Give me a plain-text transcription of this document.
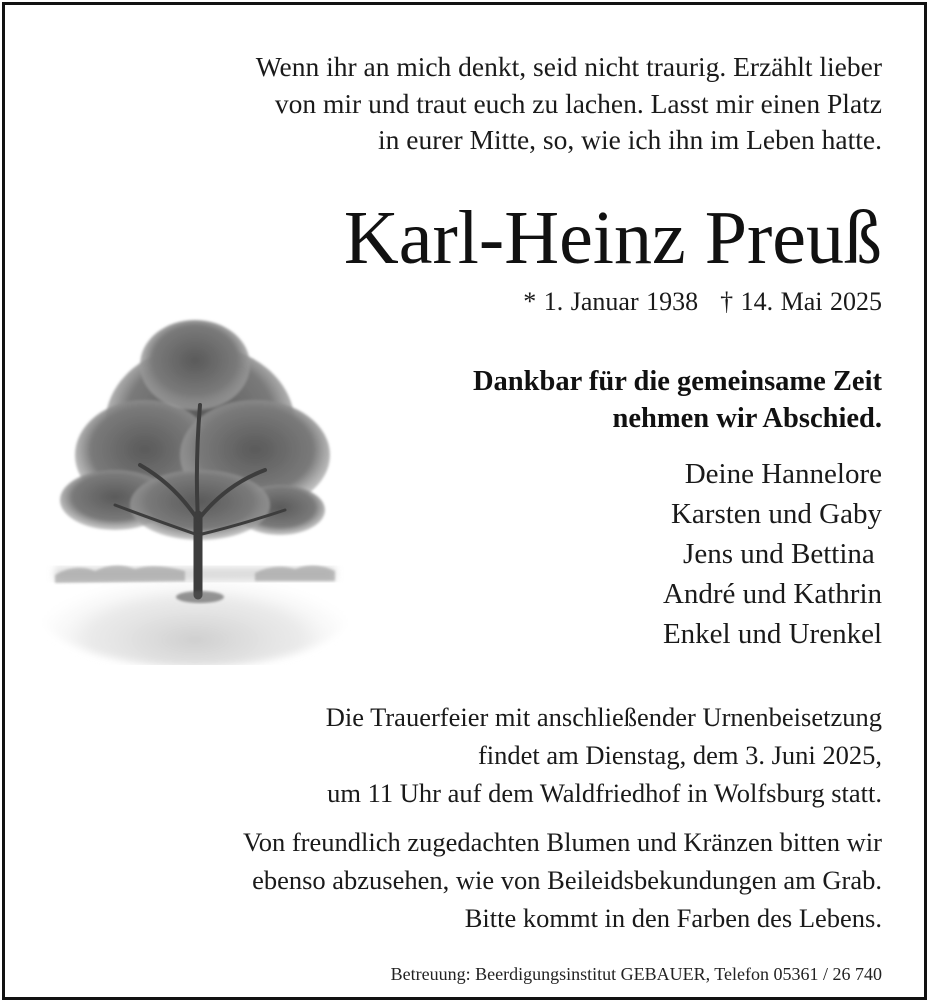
Wenn ihr an mich denkt, seid nicht traurig. Erzählt lieber
von mir und traut euch zu lachen. Lasst mir einen Platz
in eurer Mitte, so, wie ich ihn im Leben hatte.
Karl-Heinz Preuß
* 1. Januar 1938 † 14. Mai 2025
Dankbar für die gemeinsame Zeit
nehmen wir Abschied.
Deine Hannelore
Karsten und Gaby
Jens und Bettina
André und Kathrin
Enkel und Urenkel
Die Trauerfeier mit anschließender Urnenbeisetzung
findet am Dienstag, dem 3. Juni 2025,
um 11 Uhr auf dem Waldfriedhof in Wolfsburg statt.
Von freundlich zugedachten Blumen und Kränzen bitten wir
ebenso abzusehen, wie von Beileidsbekundungen am Grab.
Bitte kommt in den Farben des Lebens.
Betreuung: Beerdigungsinstitut GEBAUER, Telefon 05361 / 26 740
